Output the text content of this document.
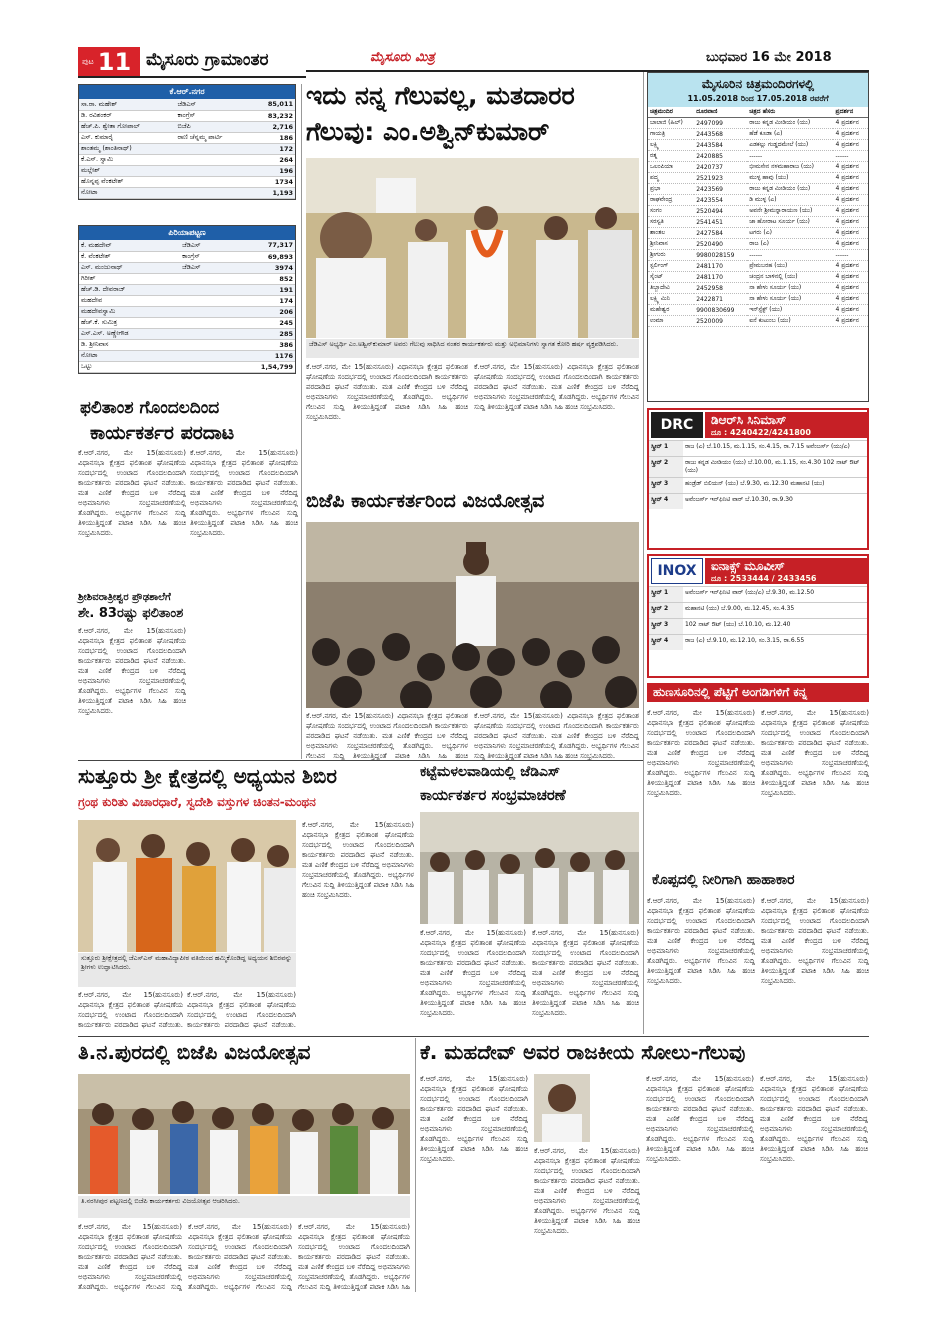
ಪುಟ 11 ಮೈಸೂರು ಗ್ರಾಮಾಂತರ	ಮೈಸೂರು ಮಿತ್ರ	ಬುಧವಾರ 16 ಮೇ 2018
ಕೆ.ಆರ್.ನಗರ
ಸಾ.ರಾ. ಮಹೇಶ್	ಜೆಡಿಎಸ್	85,011
ಡಿ. ರವಿಶಂಕರ್	ಕಾಂಗ್ರೆಸ್	83,232
ಹೆಚ್.ಪಿ. ಶ್ವೇತಾ ಗೋಪಾಲ್	ಬಿಜೆಪಿ	2,716
ಎಸ್. ಕುಮಾರೈ	ರಾಣಿ ಚೆನ್ನಮ್ಮ ಪಾರ್ಟಿ	186
ಶಾಂತಮ್ಮ (ಶಾಂತಿನಾಥ್)		172
ಕೆ.ಎಸ್. ಸ್ವಾಮಿ		264
ಮಲ್ಲೇಶ್		196
ಹೊನ್ನಪ್ಪ ವೆಂಕಟೇಶ್		1734
ನೋಟಾ		1,193
ಪಿರಿಯಾಪಟ್ಟಣ
ಕೆ. ಮಹದೇವ್	ಜೆಡಿಎಸ್	77,317
ಕೆ. ವೆಂಕಟೇಶ್	ಕಾಂಗ್ರೆಸ್	69,893
ಎಸ್. ಮಂಜುನಾಥ್	ಜೆಡಿಎಸ್	3974
ಗಿರೀಶ್		852
ಹೆಚ್.ಡಿ. ದೇವರಾಜ್		191
ಮಹದೇವ		174
ಮಹದೇವಸ್ವಾಮಿ		206
ಹೆಚ್.ಕೆ. ಸುಮಿತ್ರ		245
ಎಸ್.ಎಸ್. ಅಣ್ಣೇಗೌಡ		285
ಡಿ. ಶ್ರೀನಿವಾಸ		386
ನೋಟಾ		1176
ಒಟ್ಟು		1,54,799
ಫಲಿತಾಂಶ ಗೊಂದಲದಿಂದ
ಕಾರ್ಯಕರ್ತರ ಪರದಾಟ
ಕೆ.ಆರ್.ನಗರ, ಮೇ 15(ಹುನಸೂರು) ವಿಧಾನಸಭಾ ಕ್ಷೇತ್ರದ ಫಲಿತಾಂಶ ಘೋಷಣೆಯ ಸಂದರ್ಭದಲ್ಲಿ ಉಂಟಾದ ಗೊಂದಲದಿಂದಾಗಿ ಕಾರ್ಯಕರ್ತರು ಪರದಾಡಿದ ಘಟನೆ ನಡೆಯಿತು. ಮತ ಎಣಿಕೆ ಕೇಂದ್ರದ ಬಳಿ ನೆರೆದಿದ್ದ ಅಭಿಮಾನಿಗಳು ಸಂಭ್ರಮಾಚರಣೆಯಲ್ಲಿ ತೊಡಗಿದ್ದರು. ಅಭ್ಯರ್ಥಿಗಳ ಗೆಲುವಿನ ಸುದ್ದಿ ತಿಳಿಯುತ್ತಿದ್ದಂತೆ ಪಟಾಕಿ ಸಿಡಿಸಿ ಸಿಹಿ ಹಂಚಿ ಸಂಭ್ರಮಿಸಿದರು.
ಕೆ.ಆರ್.ನಗರ, ಮೇ 15(ಹುನಸೂರು) ವಿಧಾನಸಭಾ ಕ್ಷೇತ್ರದ ಫಲಿತಾಂಶ ಘೋಷಣೆಯ ಸಂದರ್ಭದಲ್ಲಿ ಉಂಟಾದ ಗೊಂದಲದಿಂದಾಗಿ ಕಾರ್ಯಕರ್ತರು ಪರದಾಡಿದ ಘಟನೆ ನಡೆಯಿತು. ಮತ ಎಣಿಕೆ ಕೇಂದ್ರದ ಬಳಿ ನೆರೆದಿದ್ದ ಅಭಿಮಾನಿಗಳು ಸಂಭ್ರಮಾಚರಣೆಯಲ್ಲಿ ತೊಡಗಿದ್ದರು. ಅಭ್ಯರ್ಥಿಗಳ ಗೆಲುವಿನ ಸುದ್ದಿ ತಿಳಿಯುತ್ತಿದ್ದಂತೆ ಪಟಾಕಿ ಸಿಡಿಸಿ ಸಿಹಿ ಹಂಚಿ ಸಂಭ್ರಮಿಸಿದರು.
ಶ್ರೀಶಿವರಾತ್ರೀಶ್ವರ ಪ್ರೌಢಶಾಲೆಗೆ
ಶೇ. 83ರಷ್ಟು ಫಲಿತಾಂಶ
ಕೆ.ಆರ್.ನಗರ, ಮೇ 15(ಹುನಸೂರು) ವಿಧಾನಸಭಾ ಕ್ಷೇತ್ರದ ಫಲಿತಾಂಶ ಘೋಷಣೆಯ ಸಂದರ್ಭದಲ್ಲಿ ಉಂಟಾದ ಗೊಂದಲದಿಂದಾಗಿ ಕಾರ್ಯಕರ್ತರು ಪರದಾಡಿದ ಘಟನೆ ನಡೆಯಿತು. ಮತ ಎಣಿಕೆ ಕೇಂದ್ರದ ಬಳಿ ನೆರೆದಿದ್ದ ಅಭಿಮಾನಿಗಳು ಸಂಭ್ರಮಾಚರಣೆಯಲ್ಲಿ ತೊಡಗಿದ್ದರು. ಅಭ್ಯರ್ಥಿಗಳ ಗೆಲುವಿನ ಸುದ್ದಿ ತಿಳಿಯುತ್ತಿದ್ದಂತೆ ಪಟಾಕಿ ಸಿಡಿಸಿ ಸಿಹಿ ಹಂಚಿ ಸಂಭ್ರಮಿಸಿದರು.
ಇದು ನನ್ನ ಗೆಲುವಲ್ಲ, ಮತದಾರರ
ಗೆಲುವು: ಎಂ.ಅಶ್ವಿನ್‌ಕುಮಾರ್
ಜೆಡಿಎಸ್ ಅಭ್ಯರ್ಥಿ ಎಂ.ಅಶ್ವಿನ್‌ಕುಮಾರ್ ಅವರು ಗೆಲುವು ಸಾಧಿಸಿದ ನಂತರ ಕಾರ್ಯಕರ್ತರು ಮತ್ತು ಅಭಿಮಾನಿಗಳು ಸ್ವಾಗತ ಕೋರಿ ಹರ್ಷ ವ್ಯಕ್ತಪಡಿಸಿದರು.
ಕೆ.ಆರ್.ನಗರ, ಮೇ 15(ಹುನಸೂರು) ವಿಧಾನಸಭಾ ಕ್ಷೇತ್ರದ ಫಲಿತಾಂಶ ಘೋಷಣೆಯ ಸಂದರ್ಭದಲ್ಲಿ ಉಂಟಾದ ಗೊಂದಲದಿಂದಾಗಿ ಕಾರ್ಯಕರ್ತರು ಪರದಾಡಿದ ಘಟನೆ ನಡೆಯಿತು. ಮತ ಎಣಿಕೆ ಕೇಂದ್ರದ ಬಳಿ ನೆರೆದಿದ್ದ ಅಭಿಮಾನಿಗಳು ಸಂಭ್ರಮಾಚರಣೆಯಲ್ಲಿ ತೊಡಗಿದ್ದರು. ಅಭ್ಯರ್ಥಿಗಳ ಗೆಲುವಿನ ಸುದ್ದಿ ತಿಳಿಯುತ್ತಿದ್ದಂತೆ ಪಟಾಕಿ ಸಿಡಿಸಿ ಸಿಹಿ ಹಂಚಿ ಸಂಭ್ರಮಿಸಿದರು.
ಕೆ.ಆರ್.ನಗರ, ಮೇ 15(ಹುನಸೂರು) ವಿಧಾನಸಭಾ ಕ್ಷೇತ್ರದ ಫಲಿತಾಂಶ ಘೋಷಣೆಯ ಸಂದರ್ಭದಲ್ಲಿ ಉಂಟಾದ ಗೊಂದಲದಿಂದಾಗಿ ಕಾರ್ಯಕರ್ತರು ಪರದಾಡಿದ ಘಟನೆ ನಡೆಯಿತು. ಮತ ಎಣಿಕೆ ಕೇಂದ್ರದ ಬಳಿ ನೆರೆದಿದ್ದ ಅಭಿಮಾನಿಗಳು ಸಂಭ್ರಮಾಚರಣೆಯಲ್ಲಿ ತೊಡಗಿದ್ದರು. ಅಭ್ಯರ್ಥಿಗಳ ಗೆಲುವಿನ ಸುದ್ದಿ ತಿಳಿಯುತ್ತಿದ್ದಂತೆ ಪಟಾಕಿ ಸಿಡಿಸಿ ಸಿಹಿ ಹಂಚಿ ಸಂಭ್ರಮಿಸಿದರು.
ಬಿಜೆಪಿ ಕಾರ್ಯಕರ್ತರಿಂದ ವಿಜಯೋತ್ಸವ
ಕೆ.ಆರ್.ನಗರ, ಮೇ 15(ಹುನಸೂರು) ವಿಧಾನಸಭಾ ಕ್ಷೇತ್ರದ ಫಲಿತಾಂಶ ಘೋಷಣೆಯ ಸಂದರ್ಭದಲ್ಲಿ ಉಂಟಾದ ಗೊಂದಲದಿಂದಾಗಿ ಕಾರ್ಯಕರ್ತರು ಪರದಾಡಿದ ಘಟನೆ ನಡೆಯಿತು. ಮತ ಎಣಿಕೆ ಕೇಂದ್ರದ ಬಳಿ ನೆರೆದಿದ್ದ ಅಭಿಮಾನಿಗಳು ಸಂಭ್ರಮಾಚರಣೆಯಲ್ಲಿ ತೊಡಗಿದ್ದರು. ಅಭ್ಯರ್ಥಿಗಳ ಗೆಲುವಿನ ಸುದ್ದಿ ತಿಳಿಯುತ್ತಿದ್ದಂತೆ ಪಟಾಕಿ ಸಿಡಿಸಿ ಸಿಹಿ ಹಂಚಿ
ಕೆ.ಆರ್.ನಗರ, ಮೇ 15(ಹುನಸೂರು) ವಿಧಾನಸಭಾ ಕ್ಷೇತ್ರದ ಫಲಿತಾಂಶ ಘೋಷಣೆಯ ಸಂದರ್ಭದಲ್ಲಿ ಉಂಟಾದ ಗೊಂದಲದಿಂದಾಗಿ ಕಾರ್ಯಕರ್ತರು ಪರದಾಡಿದ ಘಟನೆ ನಡೆಯಿತು. ಮತ ಎಣಿಕೆ ಕೇಂದ್ರದ ಬಳಿ ನೆರೆದಿದ್ದ ಅಭಿಮಾನಿಗಳು ಸಂಭ್ರಮಾಚರಣೆಯಲ್ಲಿ ತೊಡಗಿದ್ದರು. ಅಭ್ಯರ್ಥಿಗಳ ಗೆಲುವಿನ ಸುದ್ದಿ ತಿಳಿಯುತ್ತಿದ್ದಂತೆ ಪಟಾಕಿ ಸಿಡಿಸಿ ಸಿಹಿ ಹಂಚಿ ಸಂಭ್ರಮಿಸಿದರು.
ಮೈಸೂರಿನ ಚಿತ್ರಮಂದಿರಗಳಲ್ಲಿ
11.05.2018 ರಿಂದ 17.05.2018 ರವರೆಗೆ
ಚಿತ್ರಮಂದಿರ	ದೂರವಾಣಿ	ಚಿತ್ರದ ಹೆಸರು	ಪ್ರದರ್ಶನ
ಬಾಲಾಜಿ (ಹಿಲ್)	2497099	ರಾಜು ಕನ್ನಡ ಮೀಡಿಯಂ (ಯು)	4 ಪ್ರದರ್ಶನ
ಗಾಯತ್ರಿ	2443568	ಹೆಡೆ ಕೂಡಾ (ಎ)	4 ಪ್ರದರ್ಶನ
ಲಕ್ಷ್ಮಿ	2443584	ಎಡಕಲ್ಲು ಗುಡ್ಡದಮೇಲೆ (ಯು)	4 ಪ್ರದರ್ಶನ
ರತ್ನ	2420885	------	------
ಒಲಂಪಿಯಾ	2420737	ಭೀಮಸೇನ ನಳಮಹಾರಾಜ (ಯು)	4 ಪ್ರದರ್ಶನ
ಪದ್ಮ	2521923	ಮುಳ್ಳ ಹಾವು (ಯು)	4 ಪ್ರದರ್ಶನ
ಪ್ರಭಾ	2423569	ರಾಜು ಕನ್ನಡ ಮೀಡಿಯಂ (ಯು)	4 ಪ್ರದರ್ಶನ
ರಾಘವೇಂದ್ರ	2423554	ಡಿ ಮುಳ್ಳ (ಎ)	4 ಪ್ರದರ್ಶನ
ಸಂಗಂ	2520494	ಅವನೇ ಶ್ರೀಮನ್ನಾರಾಯಣ (ಯು)	4 ಪ್ರದರ್ಶನ
ಸರಸ್ವತಿ	2541451	ಜಾ ಹೋರಾಟ ಸೂರ್ಯ (ಯು)	4 ಪ್ರದರ್ಶನ
ಶಾಂತಲ	2427584	ಟಗರು (ಎ)	4 ಪ್ರದರ್ಶನ
ಶ್ರೀನಿವಾಸ	2520490	ರಾಜ (ಎ)	4 ಪ್ರದರ್ಶನ
ಶ್ರೀಗುರು	9980028159	------	------
ಸ್ಟರ್ಲಿಂಗ್	2481170	ಪ್ರೇಮಬರಹ (ಯು)	4 ಪ್ರದರ್ಶನ
ಸೈಂಟ್	2481170	ಚಂದ್ರನ ಬಾಳಿನಲ್ಲಿ (ಯು)	4 ಪ್ರದರ್ಶನ
ತಿಬ್ಬಾದೇವಿ	2452958	ನಾ ಹೇಳು ಸೂರ್ಯ (ಯು)	4 ಪ್ರದರ್ಶನ
ಲಕ್ಷ್ಮಿ ಮಿನಿ	2422871	ನಾ ಹೇಳು ಸೂರ್ಯ (ಯು)	4 ಪ್ರದರ್ಶನ
ಮಹೇಶ್ವರ	9900830699	ಇನ್‌ಸ್ಟೆಕ್ಟ್ (ಯು)	4 ಪ್ರದರ್ಶನ
ಉಮಾ	2520009	ಐನೆ ಕುಟುಂಬ (ಯು)	4 ಪ್ರದರ್ಶನ
DRC	ಡಿಆರ್‌ಸಿ ಸಿನಿಮಾಸ್
ದೂ : 4240422/4241800
ಸ್ಕ್ರೀನ್ 1	ರಾಜ (ಎ) ಬೆ.10.15, ಮ.1.15, ಸಂ.4.15, ರಾ.7.15 ಅವೆಂಜರ್ಸ್ (ಯು/ಎ)
ಸ್ಕ್ರೀನ್ 2	ರಾಜು ಕನ್ನಡ ಮೀಡಿಯಂ (ಯು) ಬೆ.10.00, ಮ.1.15, ಸಂ.4.30 102 ನಾಟ್ ಔಟ್ (ಯು)
ಸ್ಕ್ರೀನ್ 3	ಹಂಡ್ರೆಡ್ ಬಿಲಿಯನ್ (ಯು) ಬೆ.9.30, ಮ.12.30 ಮಹಾನಟಿ (ಯು)
ಸ್ಕ್ರೀನ್ 4	ಅವೆಂಜರ್ಸ್ ಇನ್‌ಫಿನಿಟಿ ವಾರ್ ಬೆ.10.30, ರಾ.9.30
INOX	ಐನಾಕ್ಸ್ ಮೂವೀಸ್
ದೂ : 2533444 / 2433456
ಸ್ಕ್ರೀನ್ 1	ಅವೆಂಜರ್ಸ್ ಇನ್‌ಫಿನಿಟಿ ವಾರ್ (ಯು/ಎ) ಬೆ.9.30, ಮ.12.50
ಸ್ಕ್ರೀನ್ 2	ಮಹಾನಟಿ (ಯು) ಬೆ.9.00, ಮ.12.45, ಸಂ.4.35
ಸ್ಕ್ರೀನ್ 3	102 ನಾಟ್ ಔಟ್ (ಯು) ಬೆ.10.10, ಮ.12.40
ಸ್ಕ್ರೀನ್ 4	ರಾಜ (ಎ) ಬೆ.9.10, ಮ.12.10, ಸಂ.3.15, ರಾ.6.55
ಹುಣಸೂರಿನಲ್ಲಿ ಪೆಟ್ಟಿಗೆ ಅಂಗಡಿಗಳಿಗೆ ಕನ್ನ
ಕೆ.ಆರ್.ನಗರ, ಮೇ 15(ಹುನಸೂರು) ವಿಧಾನಸಭಾ ಕ್ಷೇತ್ರದ ಫಲಿತಾಂಶ ಘೋಷಣೆಯ ಸಂದರ್ಭದಲ್ಲಿ ಉಂಟಾದ ಗೊಂದಲದಿಂದಾಗಿ ಕಾರ್ಯಕರ್ತರು ಪರದಾಡಿದ ಘಟನೆ ನಡೆಯಿತು. ಮತ ಎಣಿಕೆ ಕೇಂದ್ರದ ಬಳಿ ನೆರೆದಿದ್ದ ಅಭಿಮಾನಿಗಳು ಸಂಭ್ರಮಾಚರಣೆಯಲ್ಲಿ ತೊಡಗಿದ್ದರು. ಅಭ್ಯರ್ಥಿಗಳ ಗೆಲುವಿನ ಸುದ್ದಿ ತಿಳಿಯುತ್ತಿದ್ದಂತೆ ಪಟಾಕಿ ಸಿಡಿಸಿ ಸಿಹಿ ಹಂಚಿ ಸಂಭ್ರಮಿಸಿದರು.
ಕೆ.ಆರ್.ನಗರ, ಮೇ 15(ಹುನಸೂರು) ವಿಧಾನಸಭಾ ಕ್ಷೇತ್ರದ ಫಲಿತಾಂಶ ಘೋಷಣೆಯ ಸಂದರ್ಭದಲ್ಲಿ ಉಂಟಾದ ಗೊಂದಲದಿಂದಾಗಿ ಕಾರ್ಯಕರ್ತರು ಪರದಾಡಿದ ಘಟನೆ ನಡೆಯಿತು. ಮತ ಎಣಿಕೆ ಕೇಂದ್ರದ ಬಳಿ ನೆರೆದಿದ್ದ ಅಭಿಮಾನಿಗಳು ಸಂಭ್ರಮಾಚರಣೆಯಲ್ಲಿ ತೊಡಗಿದ್ದರು. ಅಭ್ಯರ್ಥಿಗಳ ಗೆಲುವಿನ ಸುದ್ದಿ ತಿಳಿಯುತ್ತಿದ್ದಂತೆ ಪಟಾಕಿ ಸಿಡಿಸಿ ಸಿಹಿ ಹಂಚಿ ಸಂಭ್ರಮಿಸಿದರು.
ಕೊಪ್ಪದಲ್ಲಿ ನೀರಿಗಾಗಿ ಹಾಹಾಕಾರ
ಕೆ.ಆರ್.ನಗರ, ಮೇ 15(ಹುನಸೂರು) ವಿಧಾನಸಭಾ ಕ್ಷೇತ್ರದ ಫಲಿತಾಂಶ ಘೋಷಣೆಯ ಸಂದರ್ಭದಲ್ಲಿ ಉಂಟಾದ ಗೊಂದಲದಿಂದಾಗಿ ಕಾರ್ಯಕರ್ತರು ಪರದಾಡಿದ ಘಟನೆ ನಡೆಯಿತು. ಮತ ಎಣಿಕೆ ಕೇಂದ್ರದ ಬಳಿ ನೆರೆದಿದ್ದ ಅಭಿಮಾನಿಗಳು ಸಂಭ್ರಮಾಚರಣೆಯಲ್ಲಿ ತೊಡಗಿದ್ದರು. ಅಭ್ಯರ್ಥಿಗಳ ಗೆಲುವಿನ ಸುದ್ದಿ ತಿಳಿಯುತ್ತಿದ್ದಂತೆ ಪಟಾಕಿ ಸಿಡಿಸಿ ಸಿಹಿ ಹಂಚಿ ಸಂಭ್ರಮಿಸಿದರು.
ಕೆ.ಆರ್.ನಗರ, ಮೇ 15(ಹುನಸೂರು) ವಿಧಾನಸಭಾ ಕ್ಷೇತ್ರದ ಫಲಿತಾಂಶ ಘೋಷಣೆಯ ಸಂದರ್ಭದಲ್ಲಿ ಉಂಟಾದ ಗೊಂದಲದಿಂದಾಗಿ ಕಾರ್ಯಕರ್ತರು ಪರದಾಡಿದ ಘಟನೆ ನಡೆಯಿತು. ಮತ ಎಣಿಕೆ ಕೇಂದ್ರದ ಬಳಿ ನೆರೆದಿದ್ದ ಅಭಿಮಾನಿಗಳು ಸಂಭ್ರಮಾಚರಣೆಯಲ್ಲಿ ತೊಡಗಿದ್ದರು. ಅಭ್ಯರ್ಥಿಗಳ ಗೆಲುವಿನ ಸುದ್ದಿ ತಿಳಿಯುತ್ತಿದ್ದಂತೆ ಪಟಾಕಿ ಸಿಡಿಸಿ ಸಿಹಿ ಹಂಚಿ ಸಂಭ್ರಮಿಸಿದರು.
ಸುತ್ತೂರು ಶ್ರೀ ಕ್ಷೇತ್ರದಲ್ಲಿ ಅಧ್ಯಯನ ಶಿಬಿರ
ಗ್ರಂಥ ಕುರಿತು ವಿಚಾರಧಾರೆ, ಸ್ವದೇಶಿ ವಸ್ತುಗಳ ಚಿಂತನ-ಮಂಥನ
ಸುತ್ತೂರು ಶ್ರೀಕ್ಷೇತ್ರದಲ್ಲಿ ಜೆಎಸ್‌ಎಸ್ ಮಹಾವಿದ್ಯಾಪೀಠ ವತಿಯಿಂದ ಹಮ್ಮಿಕೊಂಡಿದ್ದ ಅಧ್ಯಯನ ಶಿಬಿರವನ್ನು ಶ್ರೀಗಳು ಉದ್ಘಾಟಿಸಿದರು.
ಕೆ.ಆರ್.ನಗರ, ಮೇ 15(ಹುನಸೂರು) ವಿಧಾನಸಭಾ ಕ್ಷೇತ್ರದ ಫಲಿತಾಂಶ ಘೋಷಣೆಯ ಸಂದರ್ಭದಲ್ಲಿ ಉಂಟಾದ ಗೊಂದಲದಿಂದಾಗಿ ಕಾರ್ಯಕರ್ತರು ಪರದಾಡಿದ ಘಟನೆ ನಡೆಯಿತು.
ಕೆ.ಆರ್.ನಗರ, ಮೇ 15(ಹುನಸೂರು) ವಿಧಾನಸಭಾ ಕ್ಷೇತ್ರದ ಫಲಿತಾಂಶ ಘೋಷಣೆಯ ಸಂದರ್ಭದಲ್ಲಿ ಉಂಟಾದ ಗೊಂದಲದಿಂದಾಗಿ ಕಾರ್ಯಕರ್ತರು ಪರದಾಡಿದ ಘಟನೆ ನಡೆಯಿತು.
ಕೆ.ಆರ್.ನಗರ, ಮೇ 15(ಹುನಸೂರು) ವಿಧಾನಸಭಾ ಕ್ಷೇತ್ರದ ಫಲಿತಾಂಶ ಘೋಷಣೆಯ ಸಂದರ್ಭದಲ್ಲಿ ಉಂಟಾದ ಗೊಂದಲದಿಂದಾಗಿ ಕಾರ್ಯಕರ್ತರು ಪರದಾಡಿದ ಘಟನೆ ನಡೆಯಿತು. ಮತ ಎಣಿಕೆ ಕೇಂದ್ರದ ಬಳಿ ನೆರೆದಿದ್ದ ಅಭಿಮಾನಿಗಳು ಸಂಭ್ರಮಾಚರಣೆಯಲ್ಲಿ ತೊಡಗಿದ್ದರು. ಅಭ್ಯರ್ಥಿಗಳ ಗೆಲುವಿನ ಸುದ್ದಿ ತಿಳಿಯುತ್ತಿದ್ದಂತೆ ಪಟಾಕಿ ಸಿಡಿಸಿ ಸಿಹಿ ಹಂಚಿ ಸಂಭ್ರಮಿಸಿದರು.
ಕಟ್ಟೆಮಳಲವಾಡಿಯಲ್ಲಿ ಜೆಡಿಎಸ್
ಕಾರ್ಯಕರ್ತರ ಸಂಭ್ರಮಾಚರಣೆ
ಕೆ.ಆರ್.ನಗರ, ಮೇ 15(ಹುನಸೂರು) ವಿಧಾನಸಭಾ ಕ್ಷೇತ್ರದ ಫಲಿತಾಂಶ ಘೋಷಣೆಯ ಸಂದರ್ಭದಲ್ಲಿ ಉಂಟಾದ ಗೊಂದಲದಿಂದಾಗಿ ಕಾರ್ಯಕರ್ತರು ಪರದಾಡಿದ ಘಟನೆ ನಡೆಯಿತು. ಮತ ಎಣಿಕೆ ಕೇಂದ್ರದ ಬಳಿ ನೆರೆದಿದ್ದ ಅಭಿಮಾನಿಗಳು ಸಂಭ್ರಮಾಚರಣೆಯಲ್ಲಿ ತೊಡಗಿದ್ದರು. ಅಭ್ಯರ್ಥಿಗಳ ಗೆಲುವಿನ ಸುದ್ದಿ ತಿಳಿಯುತ್ತಿದ್ದಂತೆ ಪಟಾಕಿ ಸಿಡಿಸಿ ಸಿಹಿ ಹಂಚಿ ಸಂಭ್ರಮಿಸಿದರು.
ಕೆ.ಆರ್.ನಗರ, ಮೇ 15(ಹುನಸೂರು) ವಿಧಾನಸಭಾ ಕ್ಷೇತ್ರದ ಫಲಿತಾಂಶ ಘೋಷಣೆಯ ಸಂದರ್ಭದಲ್ಲಿ ಉಂಟಾದ ಗೊಂದಲದಿಂದಾಗಿ ಕಾರ್ಯಕರ್ತರು ಪರದಾಡಿದ ಘಟನೆ ನಡೆಯಿತು. ಮತ ಎಣಿಕೆ ಕೇಂದ್ರದ ಬಳಿ ನೆರೆದಿದ್ದ ಅಭಿಮಾನಿಗಳು ಸಂಭ್ರಮಾಚರಣೆಯಲ್ಲಿ ತೊಡಗಿದ್ದರು. ಅಭ್ಯರ್ಥಿಗಳ ಗೆಲುವಿನ ಸುದ್ದಿ ತಿಳಿಯುತ್ತಿದ್ದಂತೆ ಪಟಾಕಿ ಸಿಡಿಸಿ ಸಿಹಿ ಹಂಚಿ ಸಂಭ್ರಮಿಸಿದರು.
ತಿ.ನ.ಪುರದಲ್ಲಿ ಬಿಜೆಪಿ ವಿಜಯೋತ್ಸವ
ತಿ.ನರಸೀಪುರ ಪಟ್ಟಣದಲ್ಲಿ ಬಿಜೆಪಿ ಕಾರ್ಯಕರ್ತರು ವಿಜಯೋತ್ಸವ ಆಚರಿಸಿದರು.
ಕೆ.ಆರ್.ನಗರ, ಮೇ 15(ಹುನಸೂರು) ವಿಧಾನಸಭಾ ಕ್ಷೇತ್ರದ ಫಲಿತಾಂಶ ಘೋಷಣೆಯ ಸಂದರ್ಭದಲ್ಲಿ ಉಂಟಾದ ಗೊಂದಲದಿಂದಾಗಿ ಕಾರ್ಯಕರ್ತರು ಪರದಾಡಿದ ಘಟನೆ ನಡೆಯಿತು. ಮತ ಎಣಿಕೆ ಕೇಂದ್ರದ ಬಳಿ ನೆರೆದಿದ್ದ ಅಭಿಮಾನಿಗಳು ಸಂಭ್ರಮಾಚರಣೆಯಲ್ಲಿ ತೊಡಗಿದ್ದರು. ಅಭ್ಯರ್ಥಿಗಳ ಗೆಲುವಿನ ಸುದ್ದಿ
ಕೆ.ಆರ್.ನಗರ, ಮೇ 15(ಹುನಸೂರು) ವಿಧಾನಸಭಾ ಕ್ಷೇತ್ರದ ಫಲಿತಾಂಶ ಘೋಷಣೆಯ ಸಂದರ್ಭದಲ್ಲಿ ಉಂಟಾದ ಗೊಂದಲದಿಂದಾಗಿ ಕಾರ್ಯಕರ್ತರು ಪರದಾಡಿದ ಘಟನೆ ನಡೆಯಿತು. ಮತ ಎಣಿಕೆ ಕೇಂದ್ರದ ಬಳಿ ನೆರೆದಿದ್ದ ಅಭಿಮಾನಿಗಳು ಸಂಭ್ರಮಾಚರಣೆಯಲ್ಲಿ ತೊಡಗಿದ್ದರು. ಅಭ್ಯರ್ಥಿಗಳ ಗೆಲುವಿನ ಸುದ್ದಿ
ಕೆ.ಆರ್.ನಗರ, ಮೇ 15(ಹುನಸೂರು) ವಿಧಾನಸಭಾ ಕ್ಷೇತ್ರದ ಫಲಿತಾಂಶ ಘೋಷಣೆಯ ಸಂದರ್ಭದಲ್ಲಿ ಉಂಟಾದ ಗೊಂದಲದಿಂದಾಗಿ ಕಾರ್ಯಕರ್ತರು ಪರದಾಡಿದ ಘಟನೆ ನಡೆಯಿತು. ಮತ ಎಣಿಕೆ ಕೇಂದ್ರದ ಬಳಿ ನೆರೆದಿದ್ದ ಅಭಿಮಾನಿಗಳು ಸಂಭ್ರಮಾಚರಣೆಯಲ್ಲಿ ತೊಡಗಿದ್ದರು. ಅಭ್ಯರ್ಥಿಗಳ ಗೆಲುವಿನ ಸುದ್ದಿ ತಿಳಿಯುತ್ತಿದ್ದಂತೆ ಪಟಾಕಿ ಸಿಡಿಸಿ ಸಿಹಿ
ಕೆ. ಮಹದೇವ್ ಅವರ ರಾಜಕೀಯ ಸೋಲು-ಗೆಲುವು
ಕೆ.ಆರ್.ನಗರ, ಮೇ 15(ಹುನಸೂರು) ವಿಧಾನಸಭಾ ಕ್ಷೇತ್ರದ ಫಲಿತಾಂಶ ಘೋಷಣೆಯ ಸಂದರ್ಭದಲ್ಲಿ ಉಂಟಾದ ಗೊಂದಲದಿಂದಾಗಿ ಕಾರ್ಯಕರ್ತರು ಪರದಾಡಿದ ಘಟನೆ ನಡೆಯಿತು. ಮತ ಎಣಿಕೆ ಕೇಂದ್ರದ ಬಳಿ ನೆರೆದಿದ್ದ ಅಭಿಮಾನಿಗಳು ಸಂಭ್ರಮಾಚರಣೆಯಲ್ಲಿ ತೊಡಗಿದ್ದರು. ಅಭ್ಯರ್ಥಿಗಳ ಗೆಲುವಿನ ಸುದ್ದಿ ತಿಳಿಯುತ್ತಿದ್ದಂತೆ ಪಟಾಕಿ ಸಿಡಿಸಿ ಸಿಹಿ ಹಂಚಿ ಸಂಭ್ರಮಿಸಿದರು.
ಕೆ.ಆರ್.ನಗರ, ಮೇ 15(ಹುನಸೂರು) ವಿಧಾನಸಭಾ ಕ್ಷೇತ್ರದ ಫಲಿತಾಂಶ ಘೋಷಣೆಯ ಸಂದರ್ಭದಲ್ಲಿ ಉಂಟಾದ ಗೊಂದಲದಿಂದಾಗಿ ಕಾರ್ಯಕರ್ತರು ಪರದಾಡಿದ ಘಟನೆ ನಡೆಯಿತು. ಮತ ಎಣಿಕೆ ಕೇಂದ್ರದ ಬಳಿ ನೆರೆದಿದ್ದ ಅಭಿಮಾನಿಗಳು ಸಂಭ್ರಮಾಚರಣೆಯಲ್ಲಿ ತೊಡಗಿದ್ದರು. ಅಭ್ಯರ್ಥಿಗಳ ಗೆಲುವಿನ ಸುದ್ದಿ ತಿಳಿಯುತ್ತಿದ್ದಂತೆ ಪಟಾಕಿ ಸಿಡಿಸಿ ಸಿಹಿ ಹಂಚಿ ಸಂಭ್ರಮಿಸಿದರು.
ಕೆ.ಆರ್.ನಗರ, ಮೇ 15(ಹುನಸೂರು) ವಿಧಾನಸಭಾ ಕ್ಷೇತ್ರದ ಫಲಿತಾಂಶ ಘೋಷಣೆಯ ಸಂದರ್ಭದಲ್ಲಿ ಉಂಟಾದ ಗೊಂದಲದಿಂದಾಗಿ ಕಾರ್ಯಕರ್ತರು ಪರದಾಡಿದ ಘಟನೆ ನಡೆಯಿತು. ಮತ ಎಣಿಕೆ ಕೇಂದ್ರದ ಬಳಿ ನೆರೆದಿದ್ದ ಅಭಿಮಾನಿಗಳು ಸಂಭ್ರಮಾಚರಣೆಯಲ್ಲಿ ತೊಡಗಿದ್ದರು. ಅಭ್ಯರ್ಥಿಗಳ ಗೆಲುವಿನ ಸುದ್ದಿ ತಿಳಿಯುತ್ತಿದ್ದಂತೆ ಪಟಾಕಿ ಸಿಡಿಸಿ ಸಿಹಿ ಹಂಚಿ ಸಂಭ್ರಮಿಸಿದರು.
ಕೆ.ಆರ್.ನಗರ, ಮೇ 15(ಹುನಸೂರು) ವಿಧಾನಸಭಾ ಕ್ಷೇತ್ರದ ಫಲಿತಾಂಶ ಘೋಷಣೆಯ ಸಂದರ್ಭದಲ್ಲಿ ಉಂಟಾದ ಗೊಂದಲದಿಂದಾಗಿ ಕಾರ್ಯಕರ್ತರು ಪರದಾಡಿದ ಘಟನೆ ನಡೆಯಿತು. ಮತ ಎಣಿಕೆ ಕೇಂದ್ರದ ಬಳಿ ನೆರೆದಿದ್ದ ಅಭಿಮಾನಿಗಳು ಸಂಭ್ರಮಾಚರಣೆಯಲ್ಲಿ ತೊಡಗಿದ್ದರು. ಅಭ್ಯರ್ಥಿಗಳ ಗೆಲುವಿನ ಸುದ್ದಿ ತಿಳಿಯುತ್ತಿದ್ದಂತೆ ಪಟಾಕಿ ಸಿಡಿಸಿ ಸಿಹಿ ಹಂಚಿ ಸಂಭ್ರಮಿಸಿದರು.
